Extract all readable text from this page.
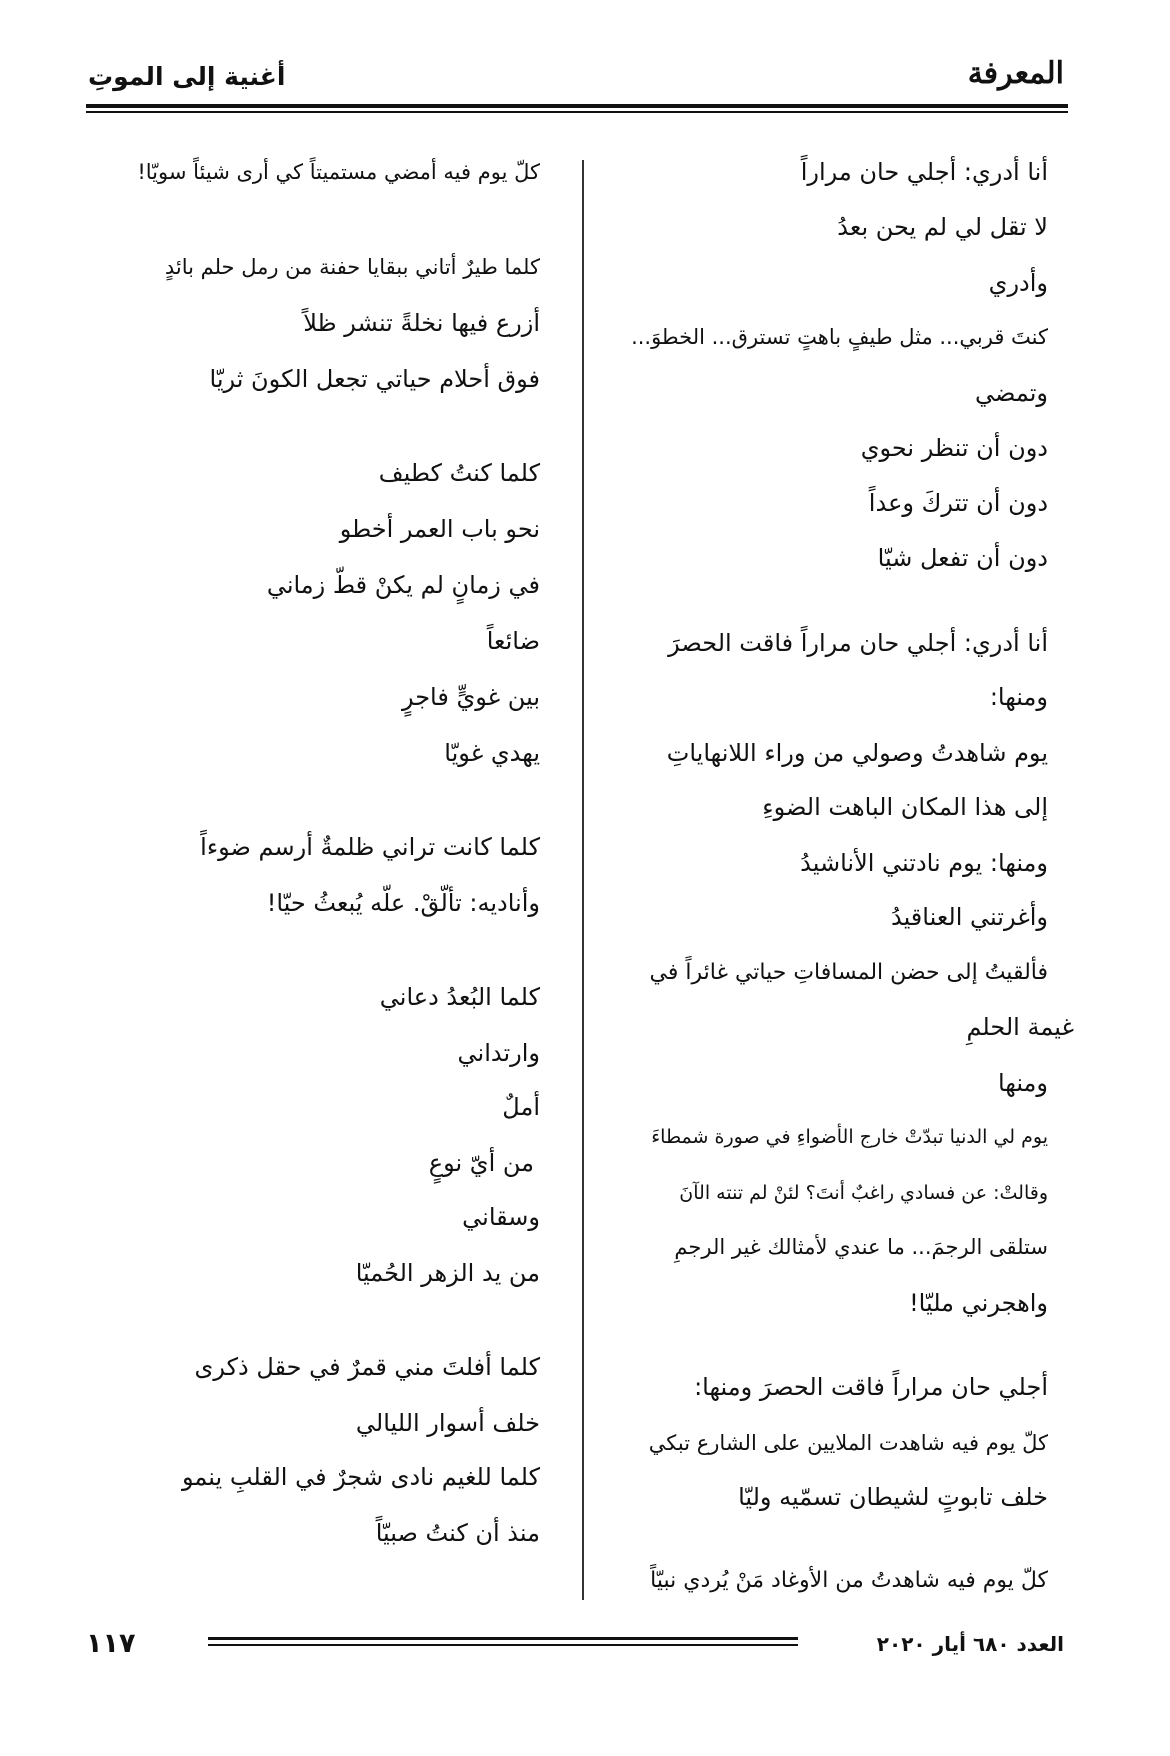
أغنية إلى الموتِ	المعرفة
أنا أدري: أجلي حان مراراً
لا تقل لي لم يحن بعدُ
وأدري
كنتَ قربي... مثل طيفٍ باهتٍ تسترق... الخطوَ...
وتمضي
دون أن تنظر نحوي
دون أن تتركَ وعداً
دون أن تفعل شيّا
أنا أدري: أجلي حان مراراً فاقت الحصرَ
ومنها:
يوم شاهدتُ وصولي من وراء اللانهاياتِ
إلى هذا المكان الباهت الضوءِ
ومنها: يوم نادتني الأناشيدُ
وأغرتني العناقيدُ
فألقيتُ إلى حضن المسافاتِ حياتي غائراً في
غيمة الحلمِ
ومنها
يوم لي الدنيا تبدّتْ خارج الأضواءِ في صورة شمطاءَ
وقالتْ: عن فسادي راغبٌ أنتَ؟ لئنْ لم تنته الآنَ
ستلقى الرجمَ... ما عندي لأمثالك غير الرجمِ
واهجرني مليّا!
أجلي حان مراراً فاقت الحصرَ ومنها:
كلّ يوم فيه شاهدت الملايين على الشارع تبكي
خلف تابوتٍ لشيطان تسمّيه وليّا
كلّ يوم فيه شاهدتُ من الأوغاد مَنْ يُردي نبيّاً
كلّ يوم فيه أمضي مستميتاً كي أرى شيئاً سويّا!
كلما طيرٌ أتاني ببقايا حفنة من رمل حلم بائدٍ
أزرع فيها نخلةً تنشر ظلاً
فوق أحلام حياتي تجعل الكونَ ثريّا
كلما كنتُ كطيف
نحو باب العمر أخطو
في زمانٍ لم يكنْ قطّ زماني
ضائعاً
بين غويٍّ فاجرٍ
يهدي غويّا
كلما كانت تراني ظلمةٌ أرسم ضوءاً
وأناديه: تألّقْ. علّه يُبعثُ حيّا!
كلما البُعدُ دعاني
وارتداني
أملٌ
من أيّ نوعٍ
وسقاني
من يد الزهر الحُميّا
كلما أفلتَ مني قمرٌ في حقل ذكرى
خلف أسوار الليالي
كلما للغيم نادى شجرٌ في القلبِ ينمو
منذ أن كنتُ صبيّاً
١١٧	العدد ٦٨٠ أيار ٢٠٢٠
